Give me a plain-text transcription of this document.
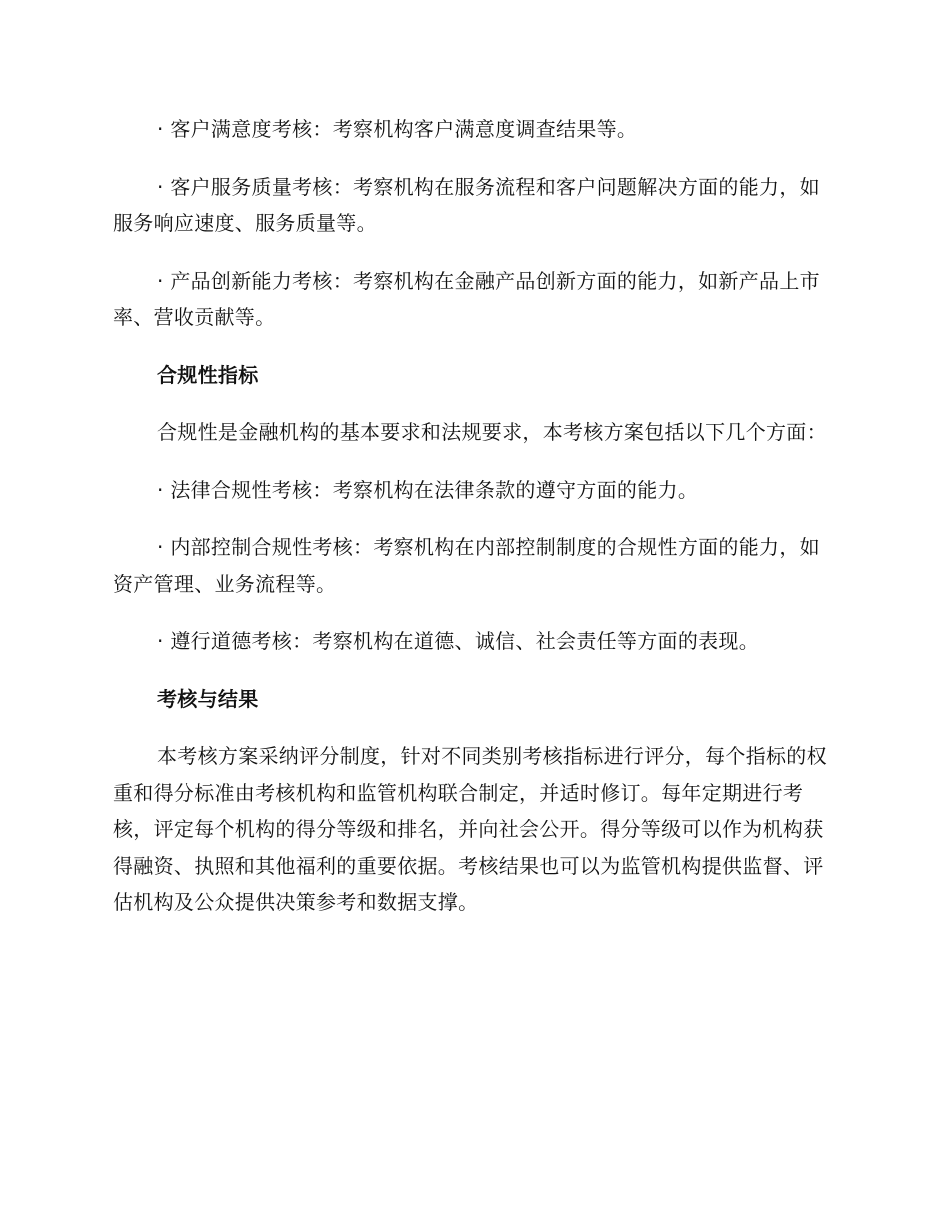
· 客户满意度考核：考察机构客户满意度调查结果等。

· 客户服务质量考核：考察机构在服务流程和客户问题解决方面的能力，如服务响应速度、服务质量等。

· 产品创新能力考核：考察机构在金融产品创新方面的能力，如新产品上市率、营收贡献等。

合规性指标

合规性是金融机构的基本要求和法规要求，本考核方案包括以下几个方面：

· 法律合规性考核：考察机构在法律条款的遵守方面的能力。

· 内部控制合规性考核：考察机构在内部控制制度的合规性方面的能力，如资产管理、业务流程等。

· 遵行道德考核：考察机构在道德、诚信、社会责任等方面的表现。

考核与结果

本考核方案采纳评分制度，针对不同类别考核指标进行评分，每个指标的权重和得分标准由考核机构和监管机构联合制定，并适时修订。每年定期进行考核，评定每个机构的得分等级和排名，并向社会公开。得分等级可以作为机构获得融资、执照和其他福利的重要依据。考核结果也可以为监管机构提供监督、评估机构及公众提供决策参考和数据支撑。
